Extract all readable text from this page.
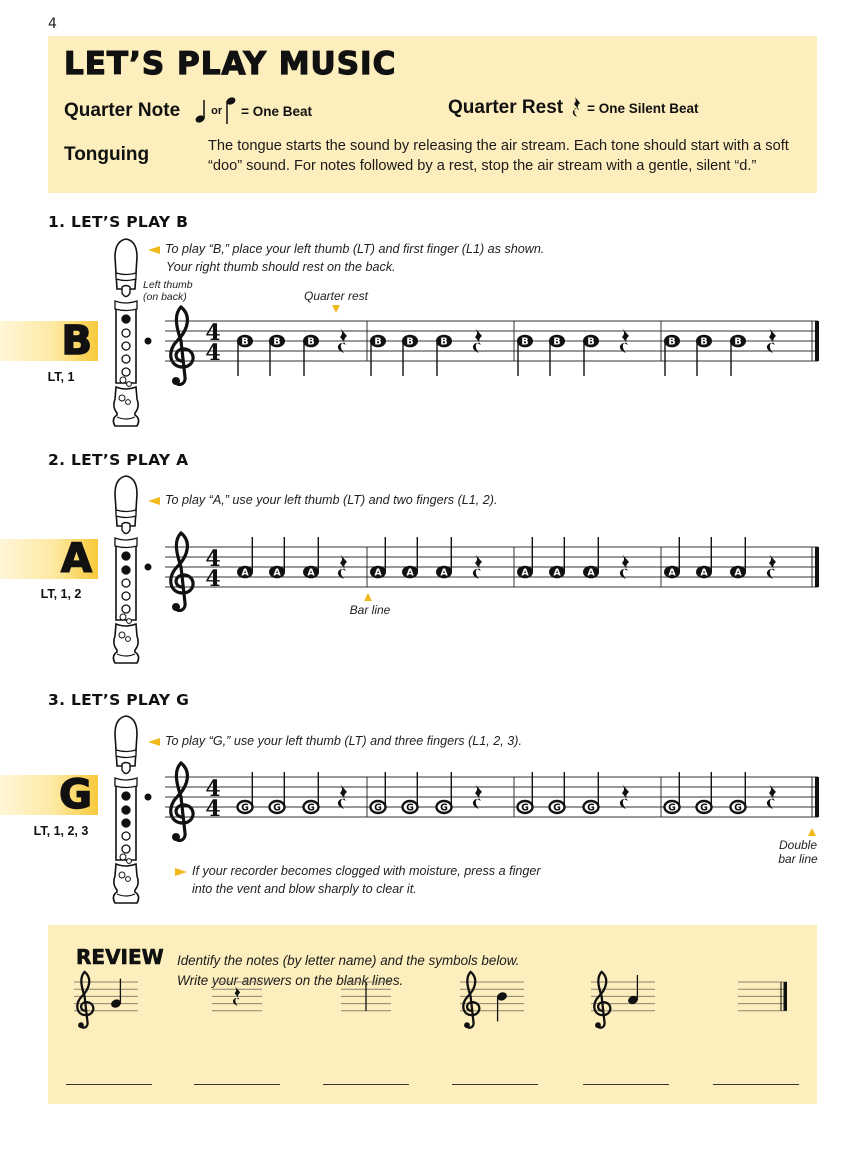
4
LET’S PLAY MUSIC
Quarter Note	or = One Beat	Quarter Rest = One Silent Beat
Tonguing	The tongue starts the sound by releasing the air stream. Each tone should start with a soft “doo” sound. For notes followed by a rest, stop the air stream with a gentle, silent “d.”
1. LET’S PLAY B
B
LT, 1
To play “B,” place your left thumb (LT) and first finger (L1) as shown.
Your right thumb should rest on the back.
Left thumb
(on back)	Quarter rest
4
4 B	B	B	B	B	B	B	B	B	B	B	B
2. LET’S PLAY A
A
LT, 1, 2
To play “A,” use your left thumb (LT) and two fingers (L1, 2).
Bar line
4
4 A	A	A	A	A	A	A	A	A	A	A	A
3. LET’S PLAY G
G
LT, 1, 2, 3
To play “G,” use your left thumb (LT) and three fingers (L1, 2, 3).
4
4 G	G	G	G	G	G	G	G	G	G	G	G
Double
bar line
If your recorder becomes clogged with moisture, press a finger
into the vent and blow sharply to clear it.
REVIEW Identify the notes (by letter name) and the symbols below.
Write your answers on the blank lines.
